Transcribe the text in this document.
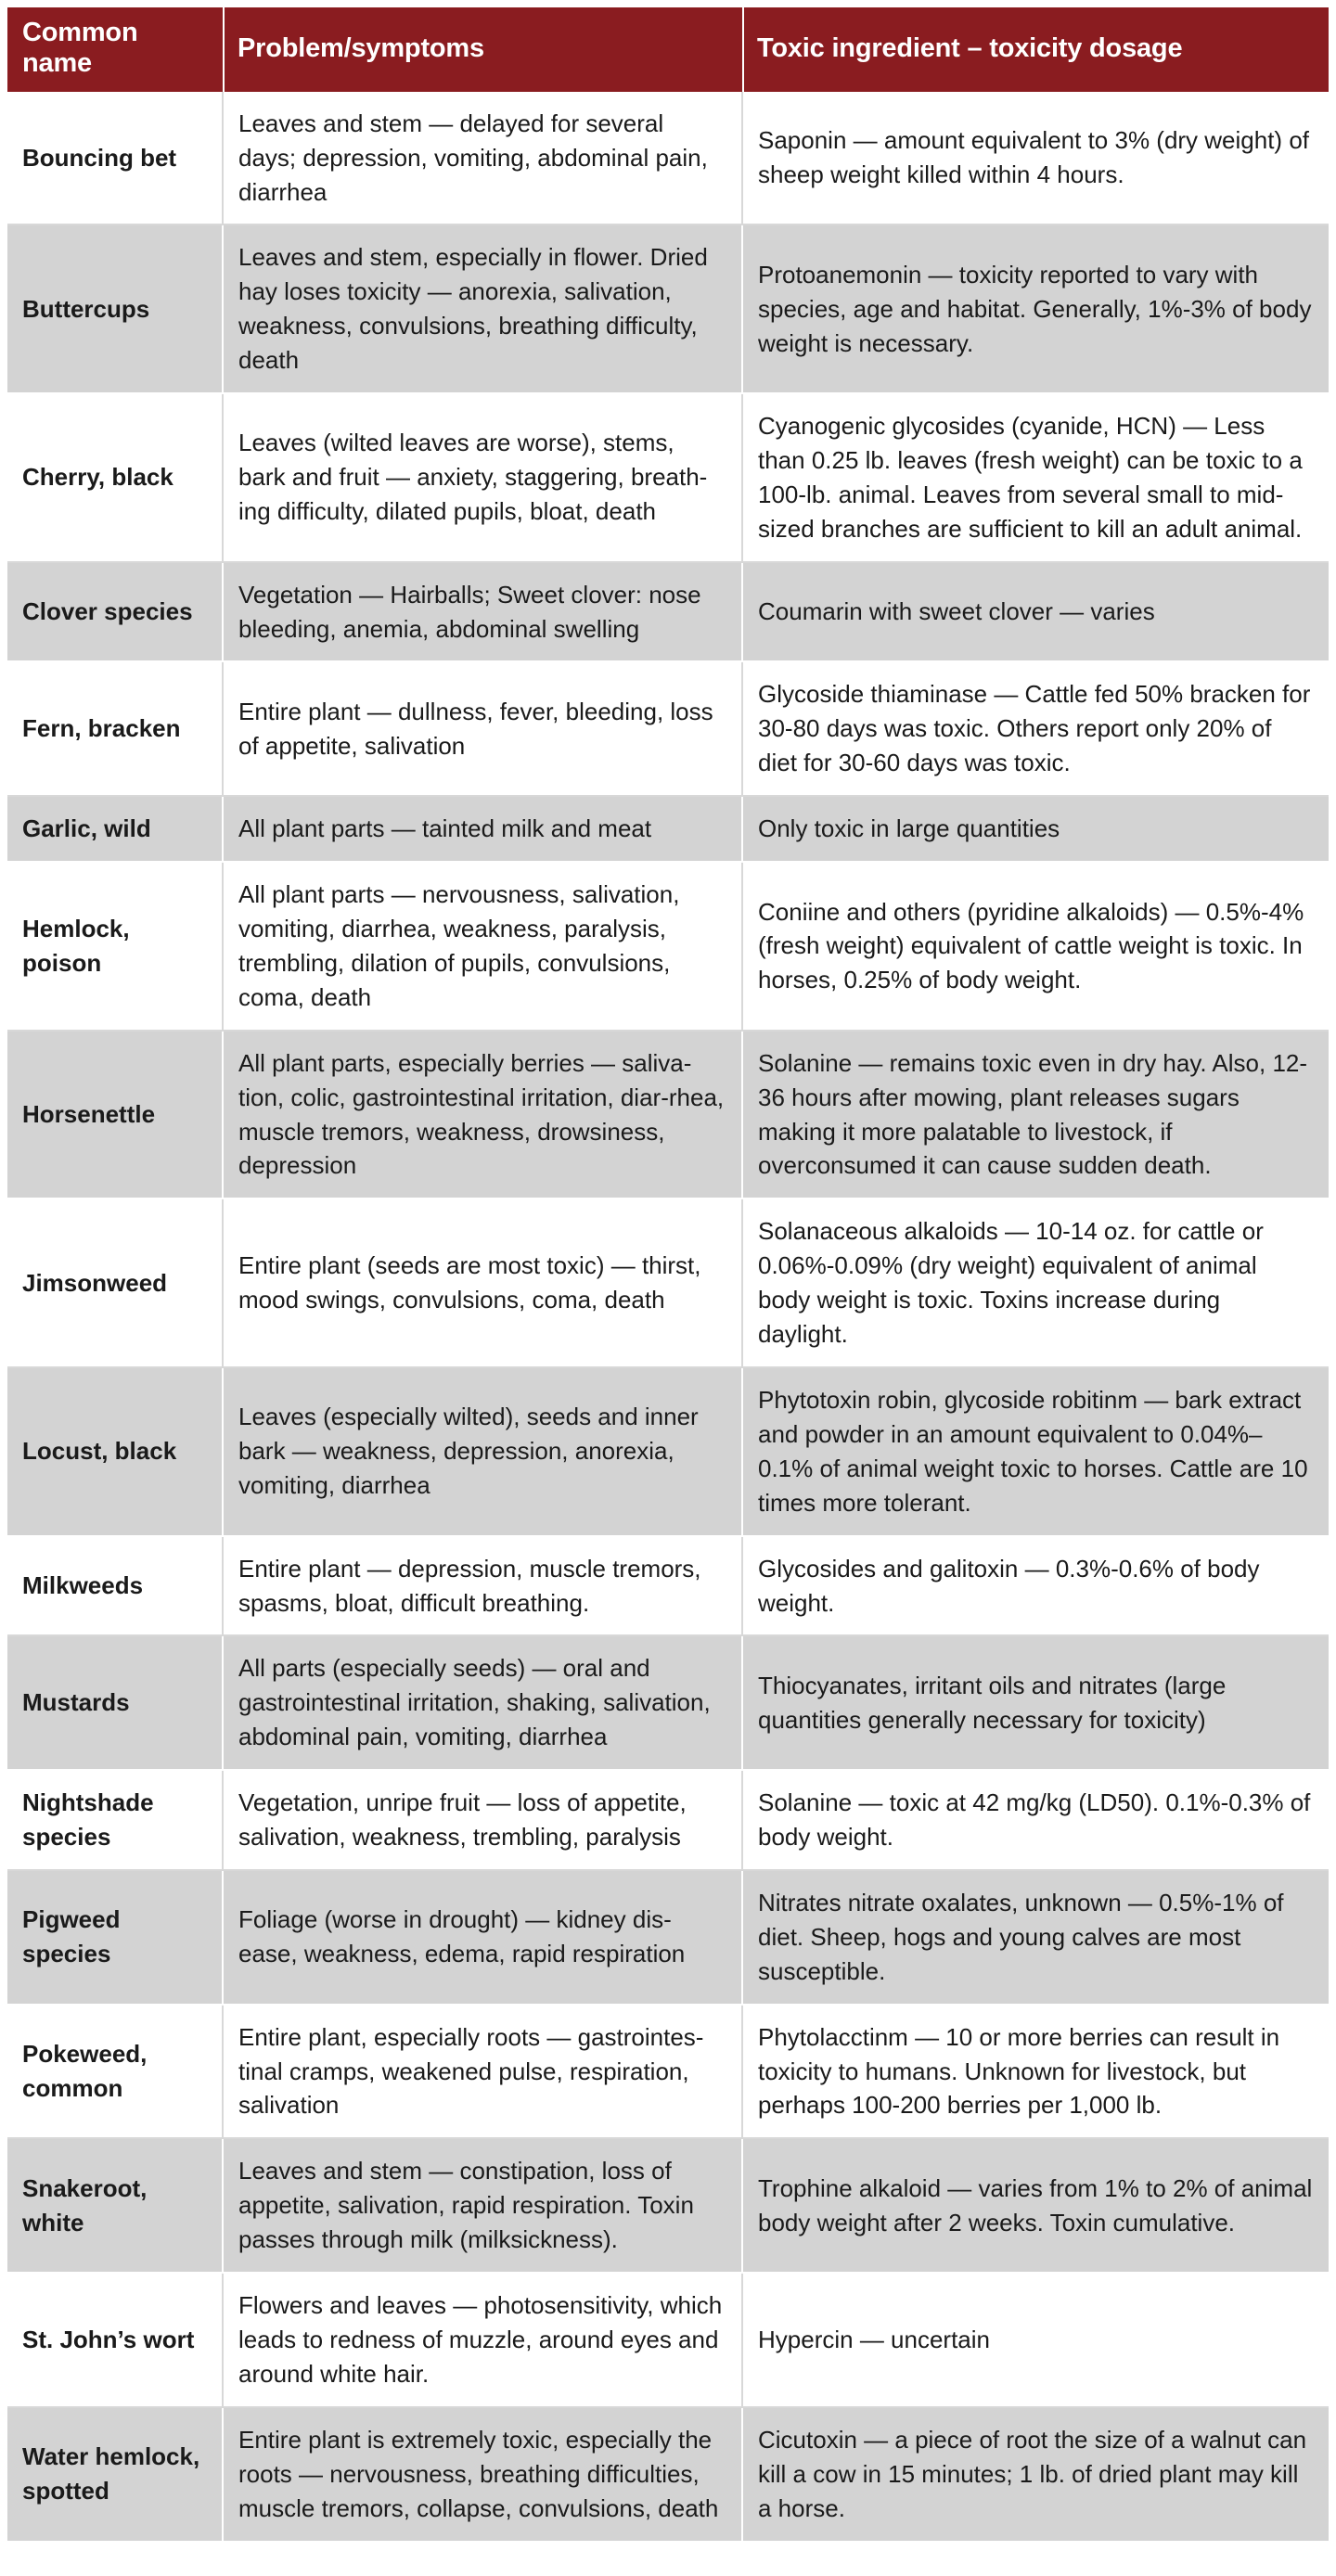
Common name	Problem/symptoms	Toxic ingredient – toxicity dosage
Bouncing bet	Leaves and stem — delayed for several days; depression, vomiting, abdominal pain, diarrhea	Saponin — amount equivalent to 3% (dry weight) of sheep weight killed within 4 hours.
Buttercups	Leaves and stem, especially in flower. Dried hay loses toxicity — anorexia, salivation, weakness, convulsions, breathing difficulty, death	Protoanemonin — toxicity reported to vary with species, age and habitat. Generally, 1%-3% of body weight is necessary.
Cherry, black	Leaves (wilted leaves are worse), stems, bark and fruit — anxiety, staggering, breath-ing difficulty, dilated pupils, bloat, death	Cyanogenic glycosides (cyanide, HCN) — Less than 0.25 lb. leaves (fresh weight) can be toxic to a 100-lb. animal. Leaves from several small to mid-sized branches are sufficient to kill an adult animal.
Clover species	Vegetation — Hairballs; Sweet clover: nose bleeding, anemia, abdominal swelling	Coumarin with sweet clover — varies
Fern, bracken	Entire plant — dullness, fever, bleeding, loss of appetite, salivation	Glycoside thiaminase — Cattle fed 50% bracken for 30-80 days was toxic. Others report only 20% of diet for 30-60 days was toxic.
Garlic, wild	All plant parts — tainted milk and meat	Only toxic in large quantities
Hemlock, poison	All plant parts — nervousness, salivation, vomiting, diarrhea, weakness, paralysis, trembling, dilation of pupils, convulsions, coma, death	Coniine and others (pyridine alkaloids) — 0.5%-4% (fresh weight) equivalent of cattle weight is toxic. In horses, 0.25% of body weight.
Horsenettle	All plant parts, especially berries — saliva-tion, colic, gastrointestinal irritation, diar-rhea, muscle tremors, weakness, drowsiness, depression	Solanine — remains toxic even in dry hay. Also, 12-36 hours after mowing, plant releases sugars making it more palatable to livestock, if overconsumed it can cause sudden death.
Jimsonweed	Entire plant (seeds are most toxic) — thirst, mood swings, convulsions, coma, death	Solanaceous alkaloids — 10-14 oz. for cattle or 0.06%-0.09% (dry weight) equivalent of animal body weight is toxic. Toxins increase during daylight.
Locust, black	Leaves (especially wilted), seeds and inner bark — weakness, depression, anorexia, vomiting, diarrhea	Phytotoxin robin, glycoside robitinm — bark extract and powder in an amount equivalent to 0.04%–0.1% of animal weight toxic to horses. Cattle are 10 times more tolerant.
Milkweeds	Entire plant — depression, muscle tremors, spasms, bloat, difficult breathing.	Glycosides and galitoxin — 0.3%-0.6% of body weight.
Mustards	All parts (especially seeds) — oral and gastrointestinal irritation, shaking, salivation, abdominal pain, vomiting, diarrhea	Thiocyanates, irritant oils and nitrates (large quantities generally necessary for toxicity)
Nightshade species	Vegetation, unripe fruit — loss of appetite, salivation, weakness, trembling, paralysis	Solanine — toxic at 42 mg/kg (LD50). 0.1%-0.3% of body weight.
Pigweed species	Foliage (worse in drought) — kidney dis-ease, weakness, edema, rapid respiration	Nitrates nitrate oxalates, unknown — 0.5%-1% of diet. Sheep, hogs and young calves are most susceptible.
Pokeweed, common	Entire plant, especially roots — gastrointes-tinal cramps, weakened pulse, respiration, salivation	Phytolacctinm — 10 or more berries can result in toxicity to humans. Unknown for livestock, but perhaps 100-200 berries per 1,000 lb.
Snakeroot, white	Leaves and stem — constipation, loss of appetite, salivation, rapid respiration. Toxin passes through milk (milksickness).	Trophine alkaloid — varies from 1% to 2% of animal body weight after 2 weeks. Toxin cumulative.
St. John’s wort	Flowers and leaves — photosensitivity, which leads to redness of muzzle, around eyes and around white hair.	Hypercin — uncertain
Water hemlock, spotted	Entire plant is extremely toxic, especially the roots — nervousness, breathing difficulties, muscle tremors, collapse, convulsions, death	Cicutoxin — a piece of root the size of a walnut can kill a cow in 15 minutes; 1 lb. of dried plant may kill a horse.
